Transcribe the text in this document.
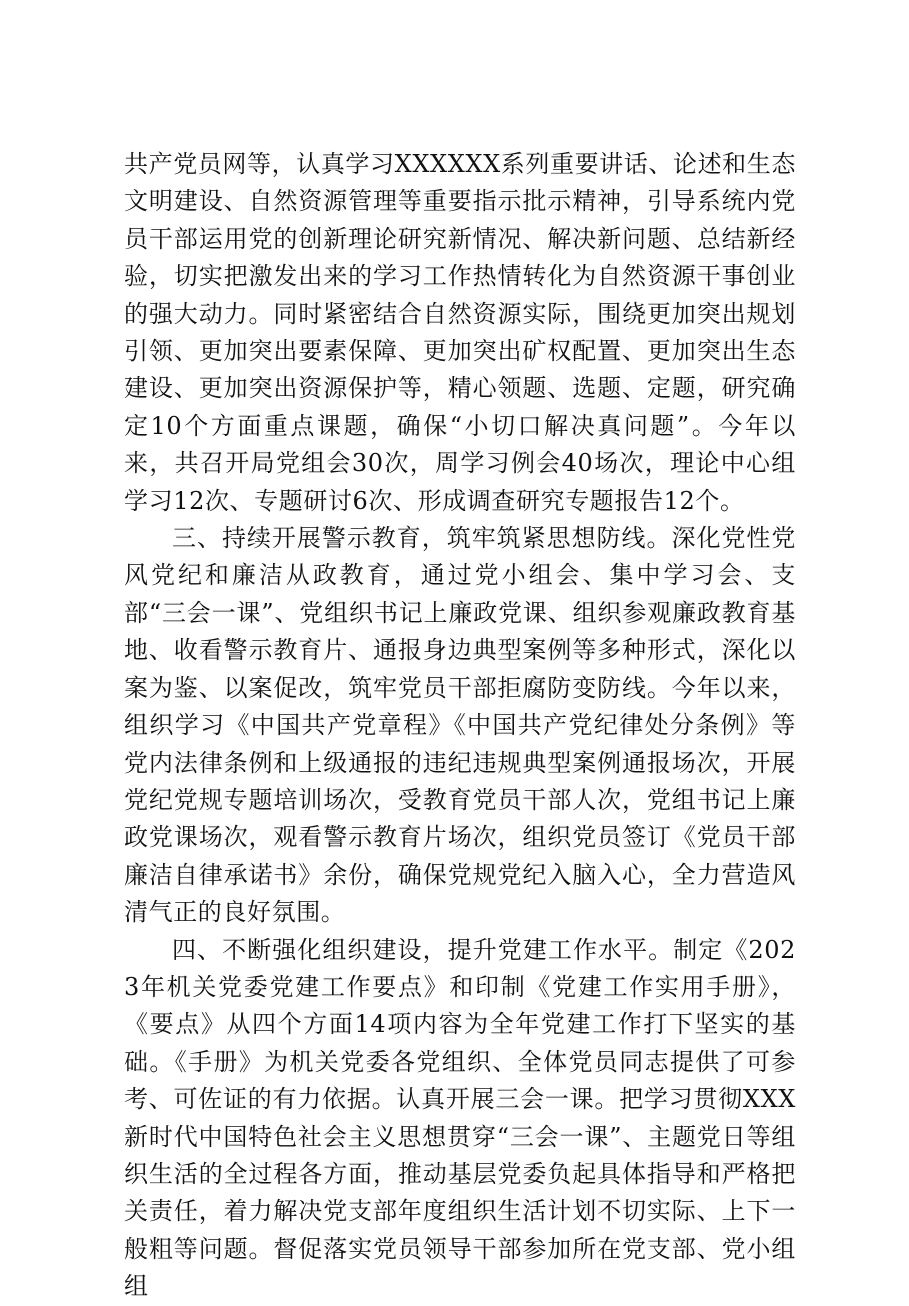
共产党员网等，认真学习XXXXXX系列重要讲话、论述和生态文明建设、自然资源管理等重要指示批示精神，引导系统内党员干部运用党的创新理论研究新情况、解决新问题、总结新经验，切实把激发出来的学习工作热情转化为自然资源干事创业的强大动力。同时紧密结合自然资源实际，围绕更加突出规划引领、更加突出要素保障、更加突出矿权配置、更加突出生态建设、更加突出资源保护等，精心领题、选题、定题，研究确定10个方面重点课题，确保“小切口解决真问题”。今年以来，共召开局党组会30次，周学习例会40场次，理论中心组学习12次、专题研讨6次、形成调查研究专题报告12个。

三、持续开展警示教育，筑牢筑紧思想防线。深化党性党风党纪和廉洁从政教育，通过党小组会、集中学习会、支部“三会一课”、党组织书记上廉政党课、组织参观廉政教育基地、收看警示教育片、通报身边典型案例等多种形式，深化以案为鉴、以案促改，筑牢党员干部拒腐防变防线。今年以来，组织学习《中国共产党章程》《中国共产党纪律处分条例》等党内法律条例和上级通报的违纪违规典型案例通报场次，开展党纪党规专题培训场次，受教育党员干部人次，党组书记上廉政党课场次，观看警示教育片场次，组织党员签订《党员干部廉洁自律承诺书》余份，确保党规党纪入脑入心，全力营造风清气正的良好氛围。

四、不断强化组织建设，提升党建工作水平。制定《2023年机关党委党建工作要点》和印制《党建工作实用手册》，《要点》从四个方面14项内容为全年党建工作打下坚实的基础。《手册》为机关党委各党组织、全体党员同志提供了可参考、可佐证的有力依据。认真开展三会一课。把学习贯彻XXX新时代中国特色社会主义思想贯穿“三会一课”、主题党日等组织生活的全过程各方面，推动基层党委负起具体指导和严格把关责任，着力解决党支部年度组织生活计划不切实际、上下一般粗等问题。督促落实党员领导干部参加所在党支部、党小组组
